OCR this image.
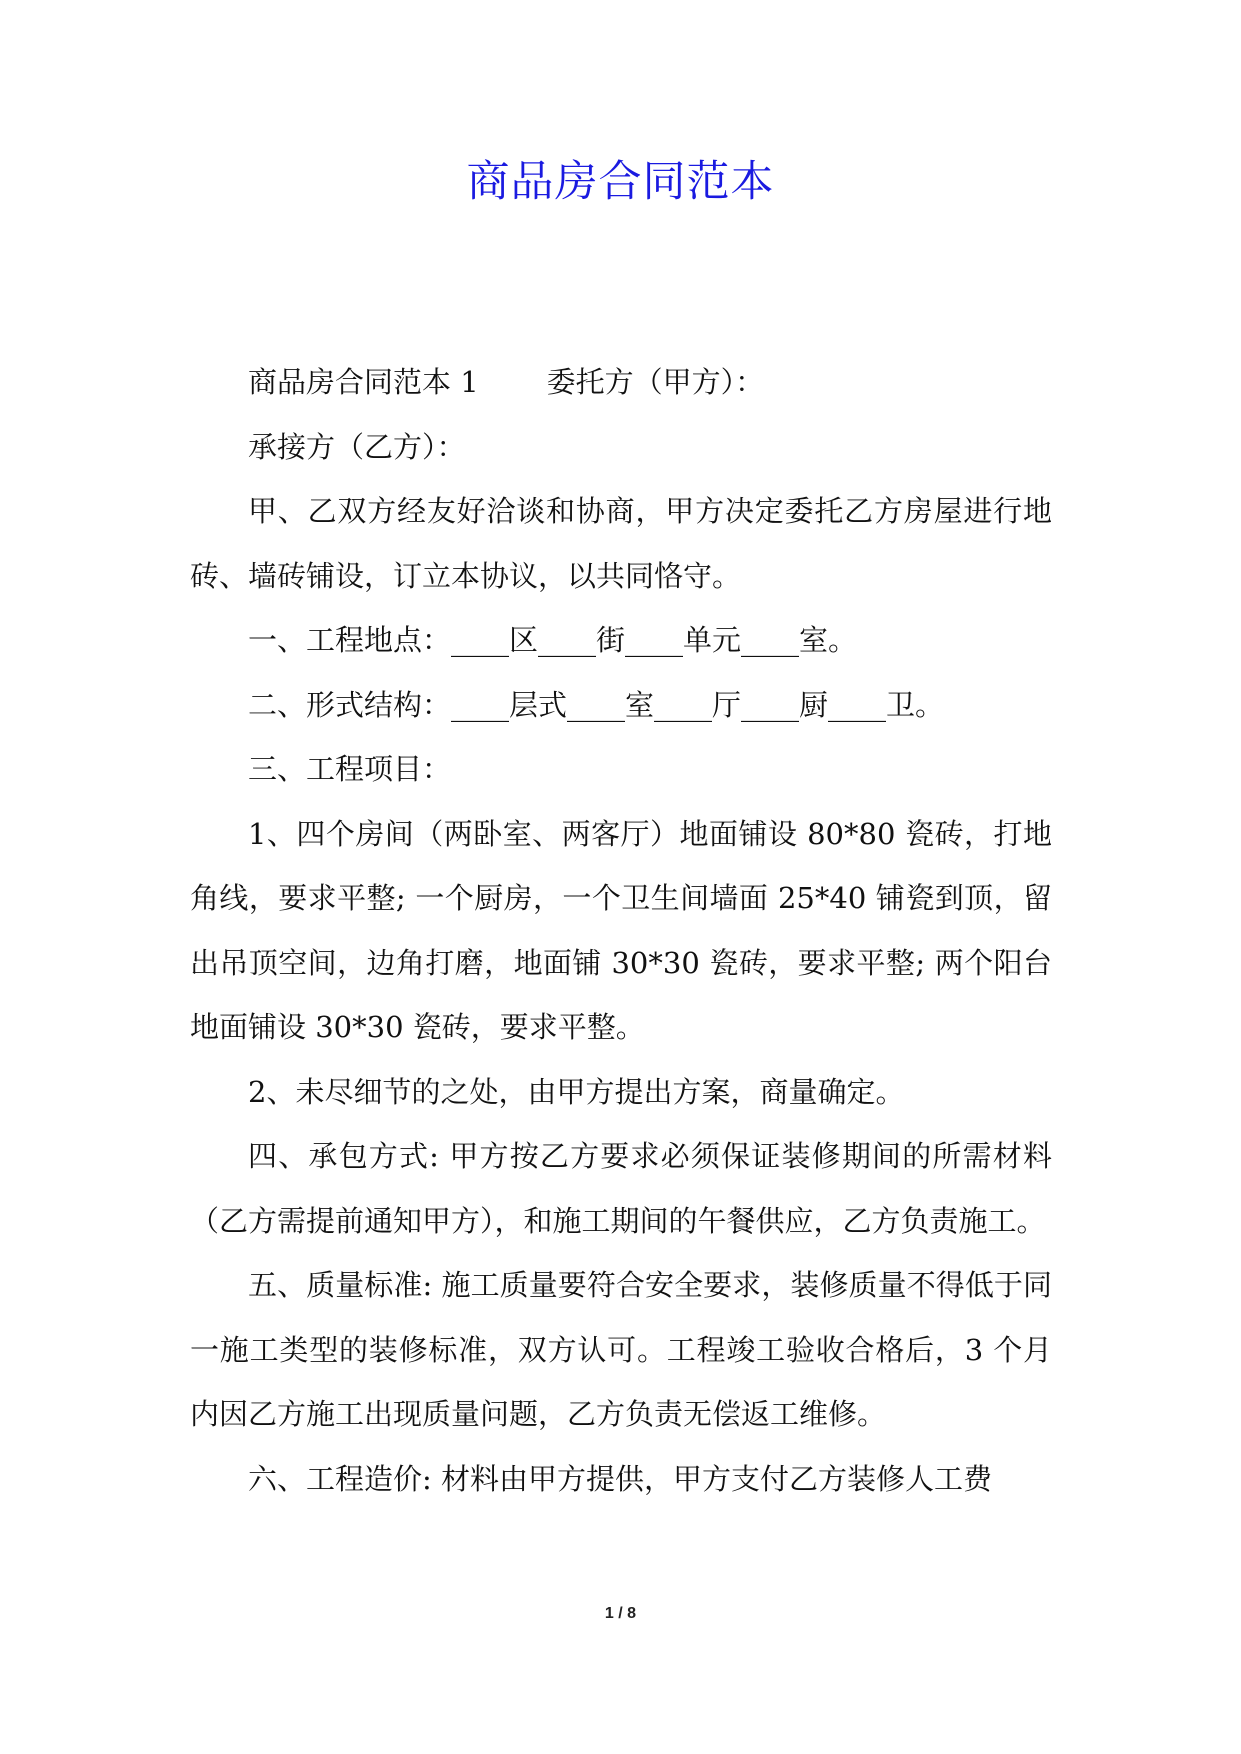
商品房合同范本

商品房合同范本 1 委托方（甲方）：

承接方（乙方）：

甲、乙双方经友好洽谈和协商，甲方决定委托乙方房屋进行地砖、墙砖铺设，订立本协议，以共同恪守。

一、工程地点：____区____街____单元____室。

二、形式结构：____层式____室____厅____厨____卫。

三、工程项目：

1、四个房间（两卧室、两客厅）地面铺设 80*80 瓷砖，打地角线，要求平整; 一个厨房，一个卫生间墙面 25*40 铺瓷到顶，留出吊顶空间，边角打磨，地面铺 30*30 瓷砖，要求平整; 两个阳台地面铺设 30*30 瓷砖，要求平整。

2、未尽细节的之处，由甲方提出方案，商量确定。

四、承包方式: 甲方按乙方要求必须保证装修期间的所需材料（乙方需提前通知甲方），和施工期间的午餐供应，乙方负责施工。

五、质量标准: 施工质量要符合安全要求，装修质量不得低于同一施工类型的装修标准，双方认可。工程竣工验收合格后，3 个月内因乙方施工出现质量问题，乙方负责无偿返工维修。

六、工程造价: 材料由甲方提供，甲方支付乙方装修人工费

1 / 8
